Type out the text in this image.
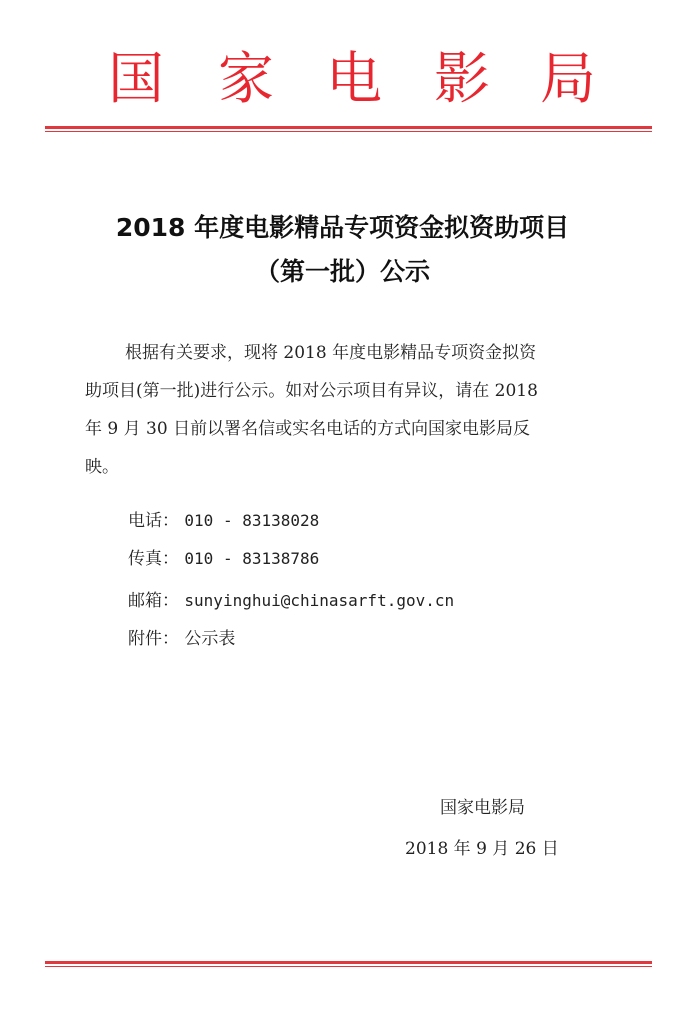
国 家 电 影 局
2018 年度电影精品专项资金拟资助项目
（第一批）公示
根据有关要求，现将 2018 年度电影精品专项资金拟资
助项目(第一批)进行公示。如对公示项目有异议，请在 2018
年 9 月 30 日前以署名信或实名电话的方式向国家电影局反
映。
电话： 010 - 83138028
传真： 010 - 83138786
邮箱： sunyinghui@chinasarft.gov.cn
附件： 公示表
国家电影局
2018 年 9 月 26 日
